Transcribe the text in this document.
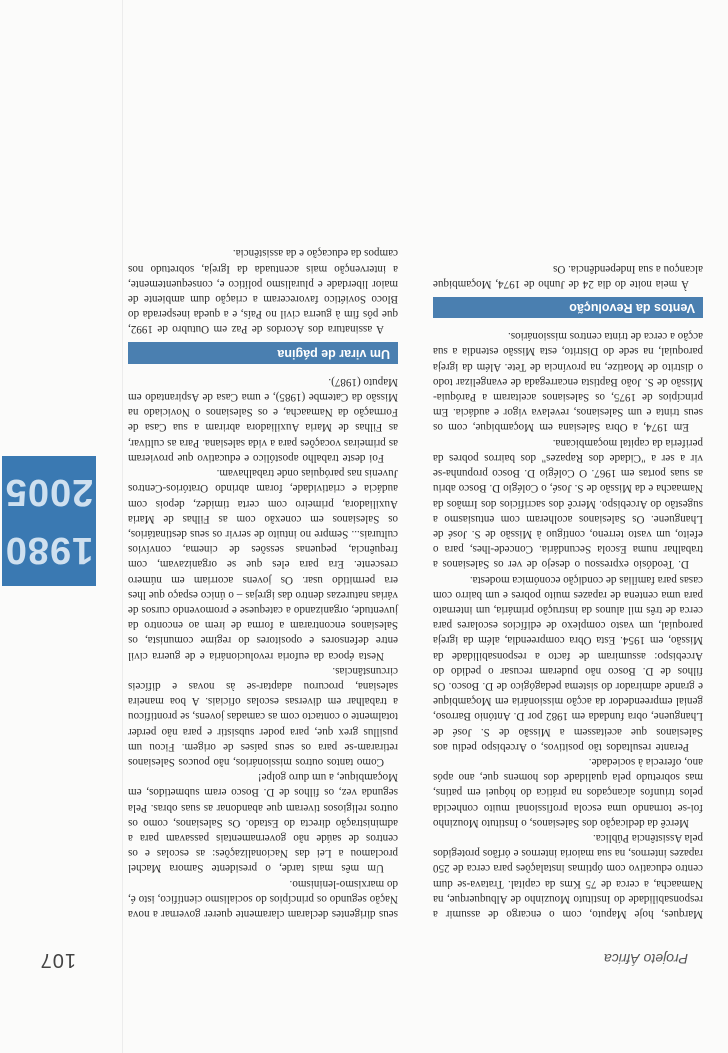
Projeto África
107
1980
2005

Marques, hoje Maputo, com o encargo de assumir a responsabilidade do Instituto Mouzinho de Albuquerque, na Namaacha, a cerca de 75 Kms da capital. Tratava-se dum centro educativo com óptimas instalações para cerca de 250 rapazes internos, na sua maioria internos e órfãos protegidos pela Assistência Pública.

Mercê da dedicação dos Salesianos, o Instituto Mouzinho foi-se tornando uma escola profissional muito conhecida pelos triunfos alcançados na prática do hóquei em patins, mas sobretudo pela qualidade dos homens que, ano após ano, oferecia à sociedade.

Perante resultados tão positivos, o Arcebispo pediu aos Salesianos que aceitassem a Missão de S. José de Lhanguene, obra fundada em 1982 por D. António Barroso, genial empreendedor da acção missionária em Moçambique e grande admirador do sistema pedagógico de D. Bosco. Os filhos de D. Bosco não puderam recusar o pedido do Arcebispo: assumiram de facto a responsabilidade da Missão, em 1954. Esta Obra compreendia, além da igreja paroquial, um vasto complexo de edifícios escolares para cerca de três mil alunos da instrução primária, um internato para uma centena de rapazes muito pobres e um bairro com casas para famílias de condição económica modesta.

D. Teodósio expressou o desejo de ver os Salesianos a trabalhar numa Escola Secundária. Concede-lhes, para o efeito, um vasto terreno, contíguo à Missão de S. José de Lhanguene. Os Salesianos acolheram com entusiasmo a sugestão do Arcebispo. Mercê dos sacrifícios dos Irmãos da Namaacha e da Missão de S. José, o Colégio D. Bosco abriu as suas portas em 1967. O Colégio D. Bosco propunha-se vir a ser a "Cidade dos Rapazes" dos bairros pobres da periferia da capital moçambicana.

Em 1974, a Obra Salesiana em Moçambique, com os seus trinta e um Salesianos, revelava vigor e audácia. Em princípios de 1975, os Salesianos aceitaram a Paróquia-Missão de S. João Baptista encarregada de evangelizar todo o distrito de Moatize, na província de Tete. Além da igreja paroquial, na sede do Distrito, esta Missão estendia a sua acção a cerca de trinta centros missionários.

Ventos da Revolução

À meia noite do dia 24 de Junho de 1974, Moçambique alcançou a sua Independência. Os

seus dirigentes declaram claramente querer governar a nova Nação segundo os princípios do socialismo científico, isto é, do marxismo-leninismo.

Um mês mais tarde, o presidente Samora Machel proclamou a Lei das Nacionalizações: as escolas e os centros de saúde não governamentais passavam para a administração directa do Estado. Os Salesianos, como os outros religiosos tiveram que abandonar as suas obras. Pela segunda vez, os filhos de D. Bosco eram submetidos, em Moçambique, a um duro golpe!

Como tantos outros missionários, não poucos Salesianos retiraram-se para os seus países de origem. Ficou um pusillus grex que, para poder subsistir e para não perder totalmente o contacto com as camadas jovens, se prontificou a trabalhar em diversas escolas oficiais. A boa maneira salesiana, procurou adaptar-se às novas e difíceis circunstâncias.

Nesta época da euforia revolucionária e de guerra civil entre defensores e opositores do regime comunista, os Salesianos encontraram a forma de irem ao encontro da juventude, organizando a catequese e promovendo cursos de várias naturezas dentro das igrejas – o único espaço que lhes era permitido usar. Os jovens acorriam em número crescente. Era para eles que se organizavam, com frequência, pequenas sessões de cinema, convívios culturais... Sempre no intuito de servir os seus destinatários, os Salesianos em conexão com as Filhas de Maria Auxiliadora, primeiro com certa timidez, depois com audácia e criatividade, foram abrindo Oratórios-Centros Juvenis nas paróquias onde trabalhavam.

Foi deste trabalho apostólico e educativo que provieram as primeiras vocações para a vida salesiana. Para as cultivar, as Filhas de Maria Auxiliadora abriram a sua Casa de Formação da Namaacha, e os Salesianos o Noviciado na Missão da Catembe (1985), e uma Casa de Aspirantado em Maputo (1987).

Um virar de página

A assinatura dos Acordos de Paz em Outubro de 1992, que pôs fim à guerra civil no País, e a queda inesperada do Bloco Soviético favoreceram a criação dum ambiente de maior liberdade e pluralismo político e, consequentemente, a intervenção mais acentuada da Igreja, sobretudo nos campos da educação e da assistência.
